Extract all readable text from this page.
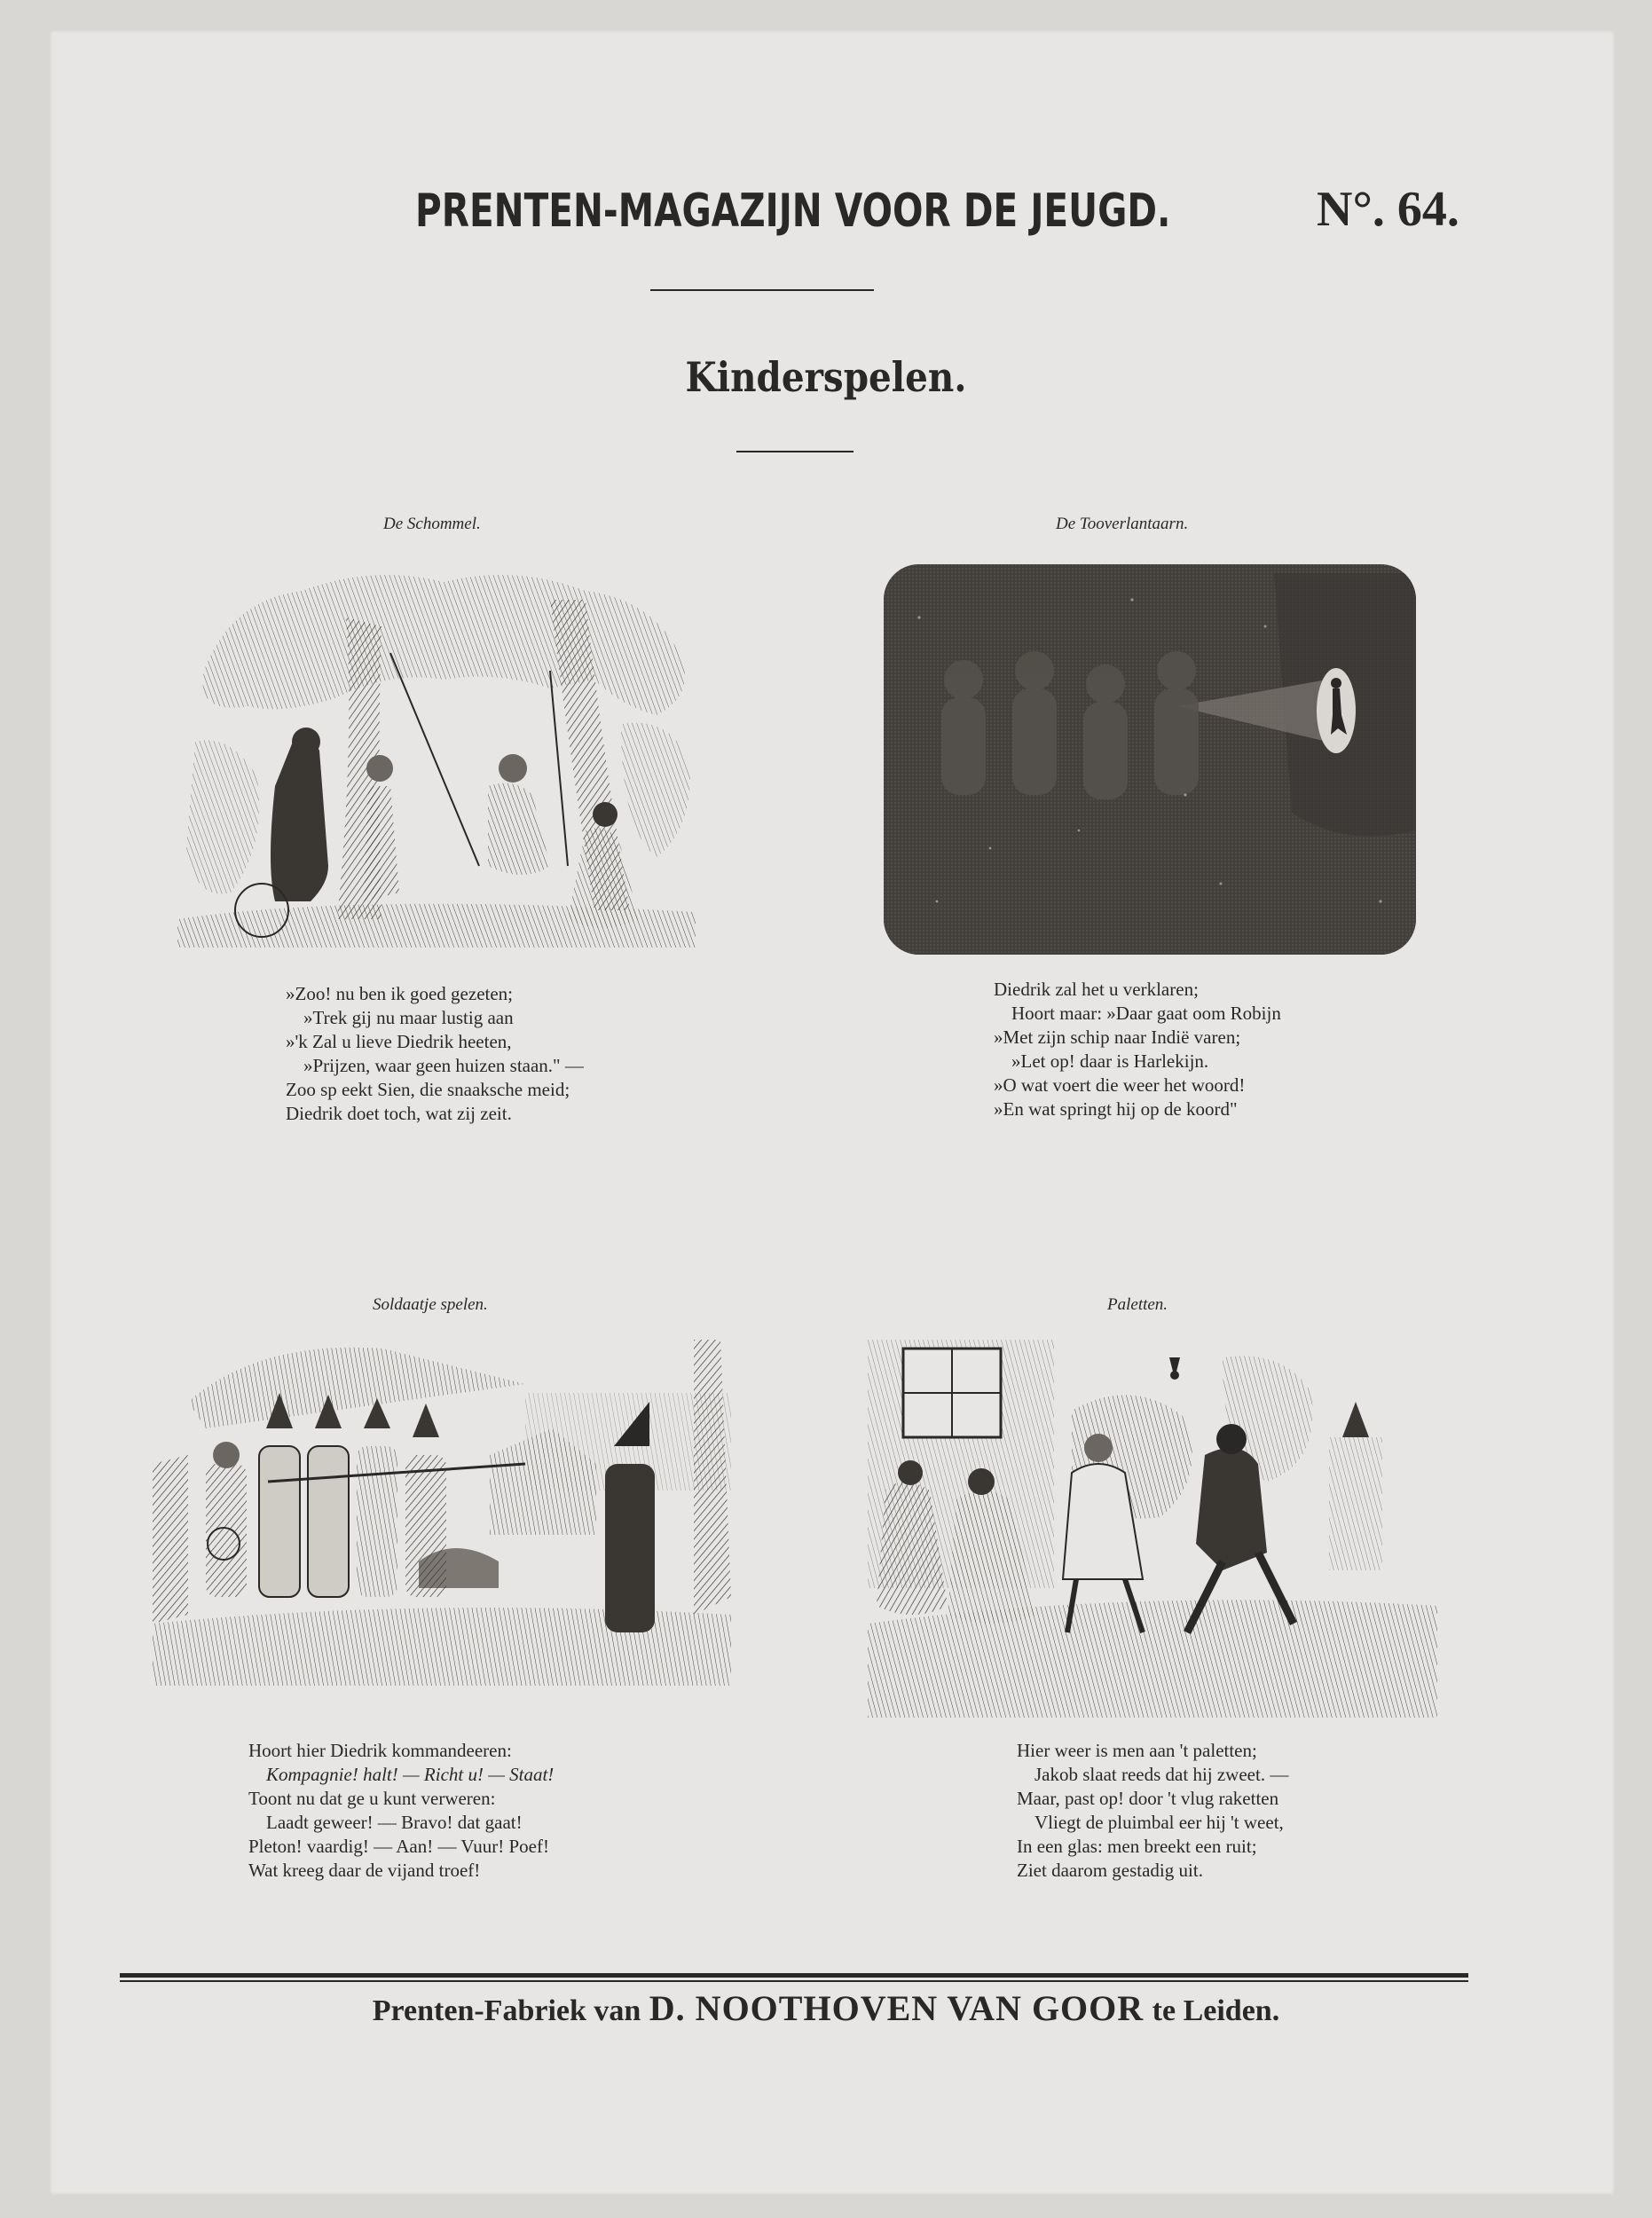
PRENTEN-MAGAZIJN VOOR DE JEUGD.	N°. 64.
Kinderspelen.
De Schommel.
»Zoo! nu ben ik goed gezeten;
»Trek gij nu maar lustig aan
»'k Zal u lieve Diedrik heeten,
»Prijzen, waar geen huizen staan." —
Zoo sp eekt Sien, die snaaksche meid;
Diedrik doet toch, wat zij zeit.
De Tooverlantaarn.
Diedrik zal het u verklaren;
Hoort maar: »Daar gaat oom Robijn
»Met zijn schip naar Indië varen;
»Let op! daar is Harlekijn.
»O wat voert die weer het woord!
»En wat springt hij op de koord"
Soldaatje spelen.
Hoort hier Diedrik kommandeeren:
Kompagnie! halt! — Richt u! — Staat!
Toont nu dat ge u kunt verweren:
Laadt geweer! — Bravo! dat gaat!
Pleton! vaardig! — Aan! — Vuur! Poef!
Wat kreeg daar de vijand troef!
Paletten.
Hier weer is men aan 't paletten;
Jakob slaat reeds dat hij zweet. —
Maar, past op! door 't vlug raketten
Vliegt de pluimbal eer hij 't weet,
In een glas: men breekt een ruit;
Ziet daarom gestadig uit.
Prenten-Fabriek van D. NOOTHOVEN VAN GOOR te Leiden.
